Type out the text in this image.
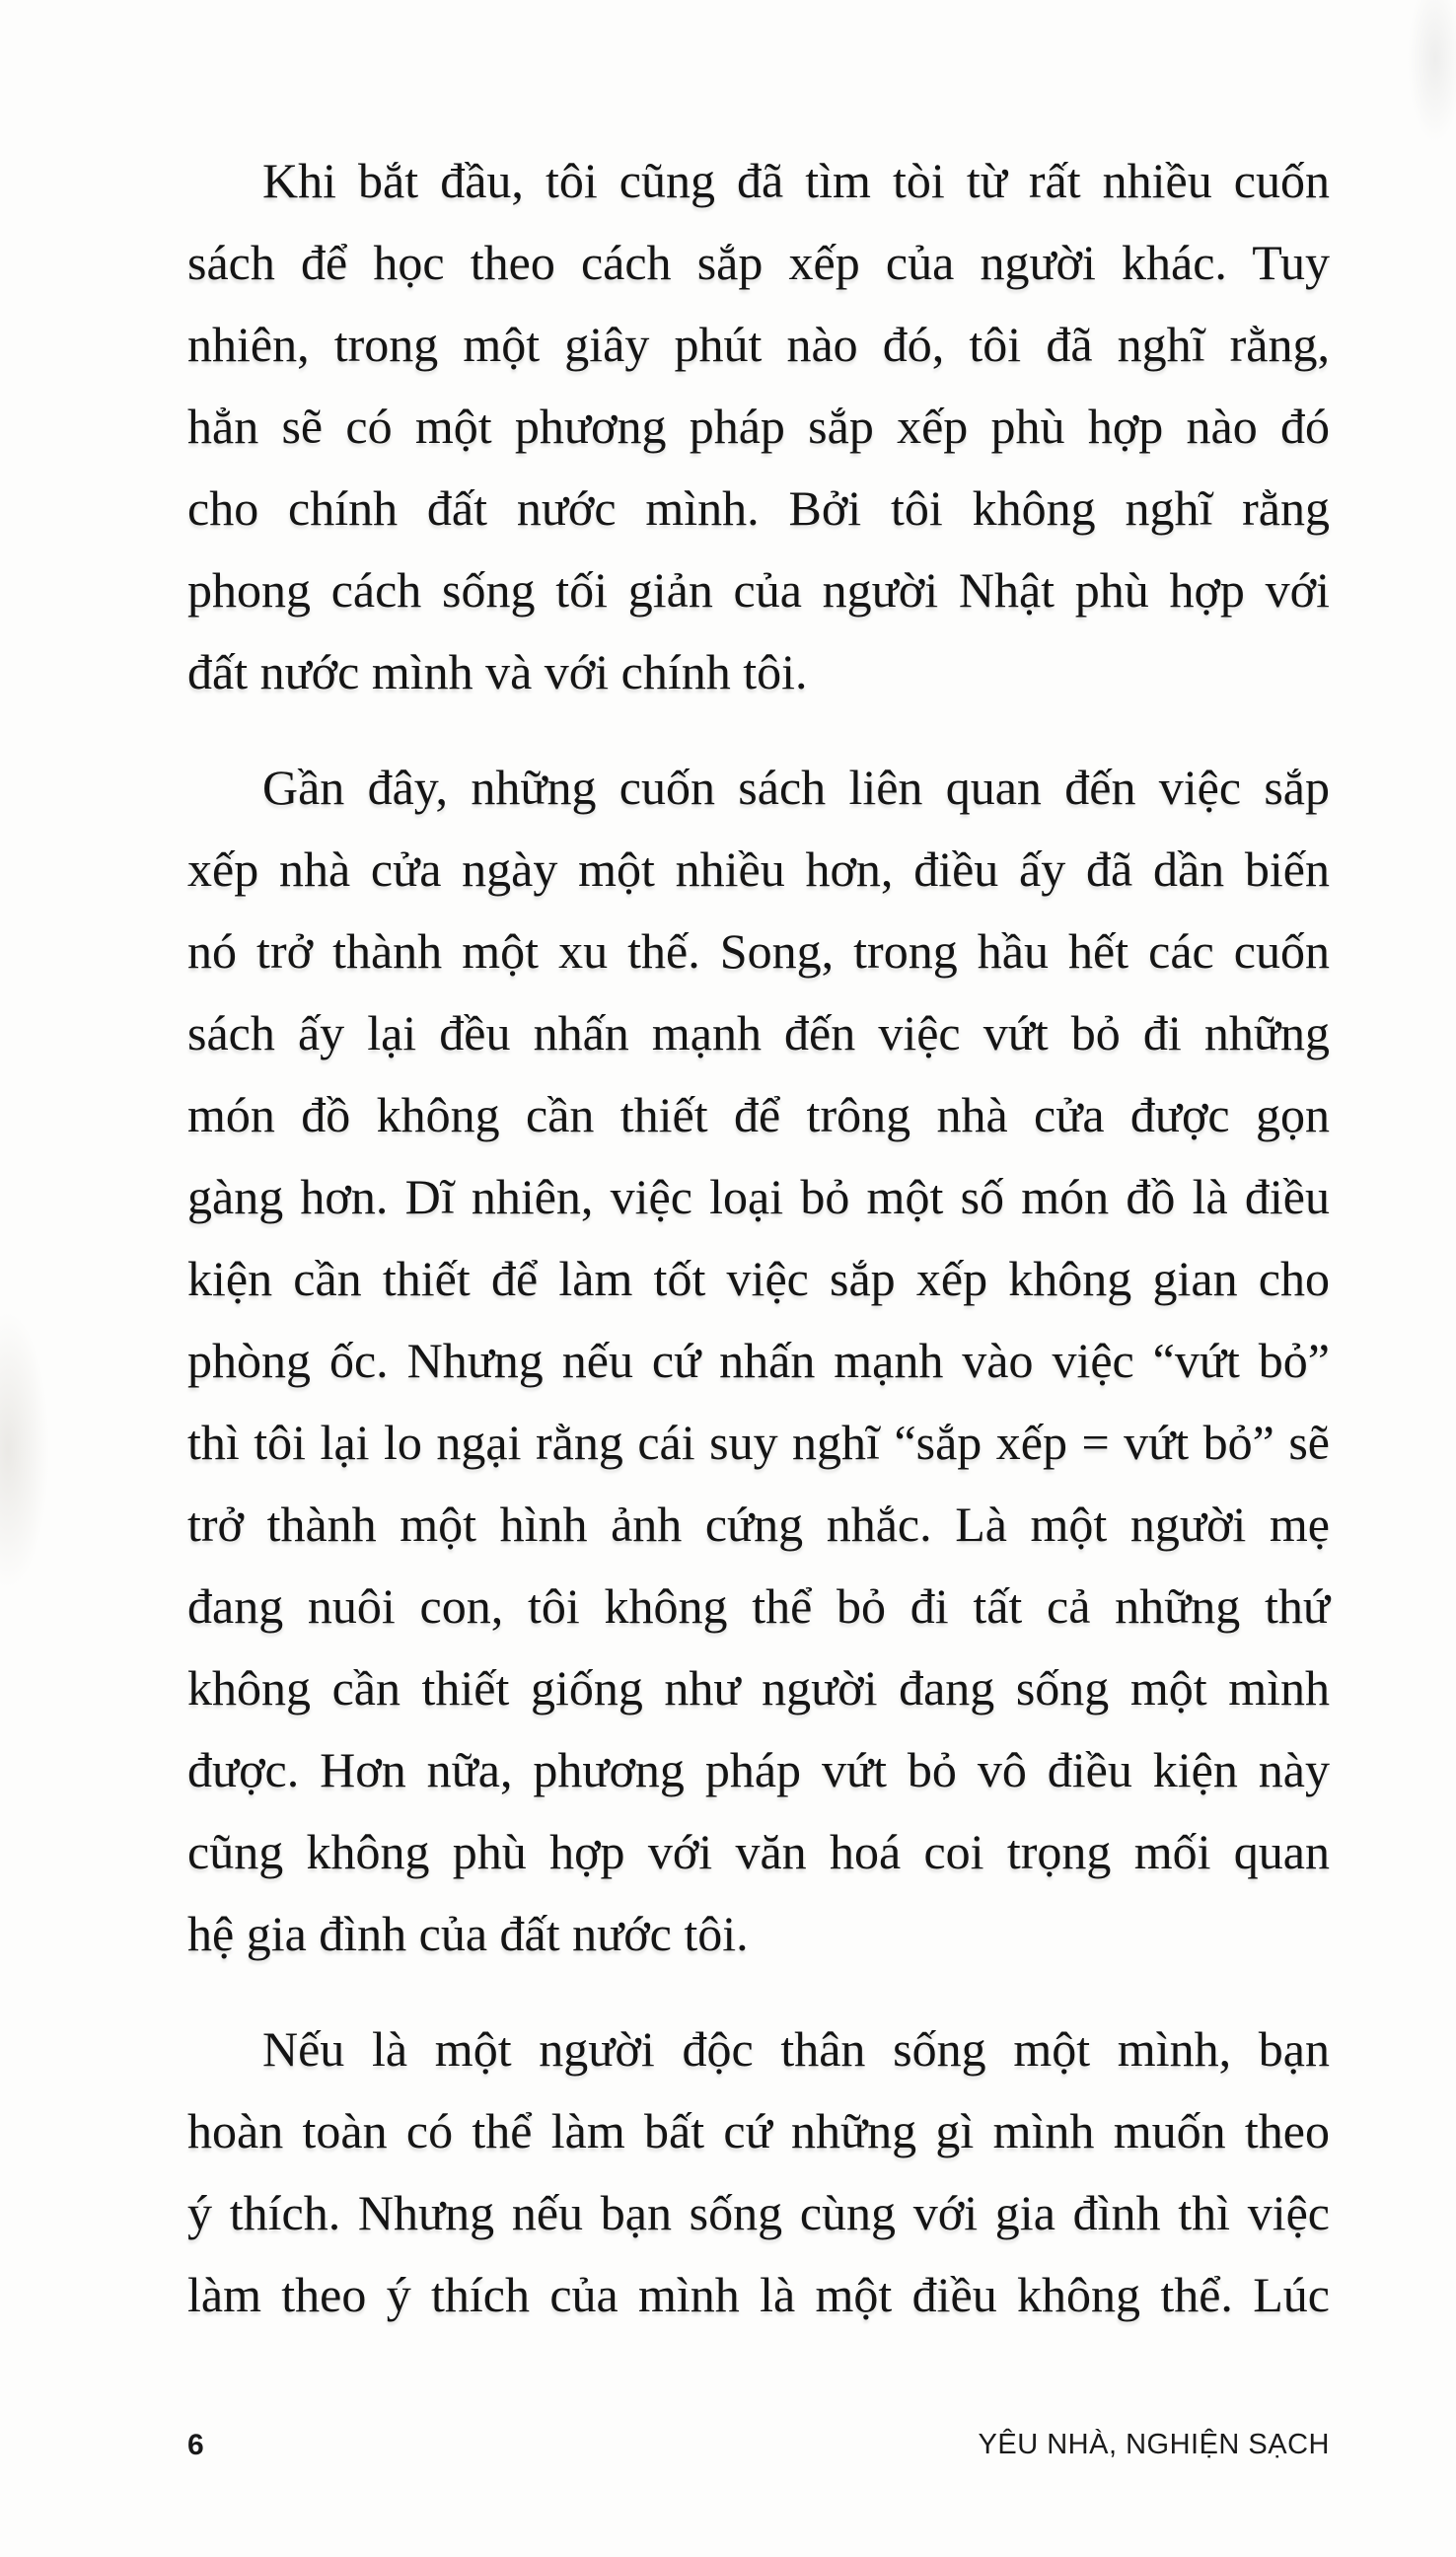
Khi bắt đầu, tôi cũng đã tìm tòi từ rất nhiều cuốn
sách để học theo cách sắp xếp của người khác. Tuy
nhiên, trong một giây phút nào đó, tôi đã nghĩ rằng,
hẳn sẽ có một phương pháp sắp xếp phù hợp nào đó
cho chính đất nước mình. Bởi tôi không nghĩ rằng
phong cách sống tối giản của người Nhật phù hợp với
đất nước mình và với chính tôi.
Gần đây, những cuốn sách liên quan đến việc sắp
xếp nhà cửa ngày một nhiều hơn, điều ấy đã dần biến
nó trở thành một xu thế. Song, trong hầu hết các cuốn
sách ấy lại đều nhấn mạnh đến việc vứt bỏ đi những
món đồ không cần thiết để trông nhà cửa được gọn
gàng hơn. Dĩ nhiên, việc loại bỏ một số món đồ là điều
kiện cần thiết để làm tốt việc sắp xếp không gian cho
phòng ốc. Nhưng nếu cứ nhấn mạnh vào việc “vứt bỏ”
thì tôi lại lo ngại rằng cái suy nghĩ “sắp xếp = vứt bỏ” sẽ
trở thành một hình ảnh cứng nhắc. Là một người mẹ
đang nuôi con, tôi không thể bỏ đi tất cả những thứ
không cần thiết giống như người đang sống một mình
được. Hơn nữa, phương pháp vứt bỏ vô điều kiện này
cũng không phù hợp với văn hoá coi trọng mối quan
hệ gia đình của đất nước tôi.
Nếu là một người độc thân sống một mình, bạn
hoàn toàn có thể làm bất cứ những gì mình muốn theo
ý thích. Nhưng nếu bạn sống cùng với gia đình thì việc
làm theo ý thích của mình là một điều không thể. Lúc
6	YÊU NHÀ, NGHIỆN SẠCH
